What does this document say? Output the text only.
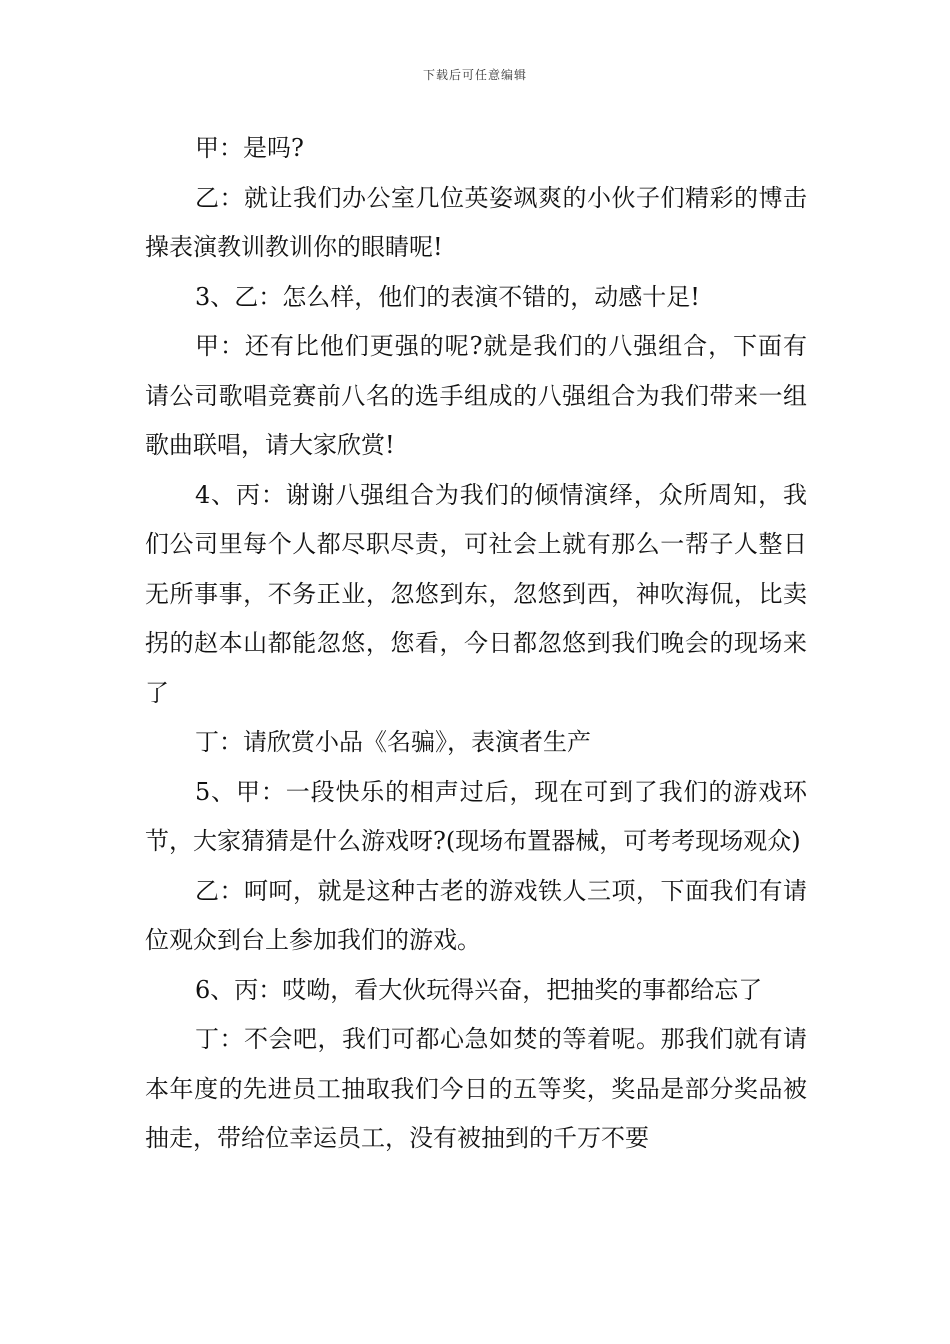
下载后可任意编辑

甲：是吗?

乙：就让我们办公室几位英姿飒爽的小伙子们精彩的博击操表演教训教训你的眼睛呢!

3、乙：怎么样，他们的表演不错的，动感十足!

甲：还有比他们更强的呢?就是我们的八强组合，下面有请公司歌唱竞赛前八名的选手组成的八强组合为我们带来一组歌曲联唱，请大家欣赏!

4、丙：谢谢八强组合为我们的倾情演绎，众所周知，我们公司里每个人都尽职尽责，可社会上就有那么一帮子人整日无所事事，不务正业，忽悠到东，忽悠到西，神吹海侃，比卖拐的赵本山都能忽悠，您看，今日都忽悠到我们晚会的现场来了

丁：请欣赏小品《名骗》，表演者生产

5、甲：一段快乐的相声过后，现在可到了我们的游戏环节，大家猜猜是什么游戏呀?(现场布置器械，可考考现场观众)

乙：呵呵，就是这种古老的游戏铁人三项，下面我们有请位观众到台上参加我们的游戏。

6、丙：哎呦，看大伙玩得兴奋，把抽奖的事都给忘了

丁：不会吧，我们可都心急如焚的等着呢。那我们就有请本年度的先进员工抽取我们今日的五等奖，奖品是部分奖品被抽走，带给位幸运员工，没有被抽到的千万不要
